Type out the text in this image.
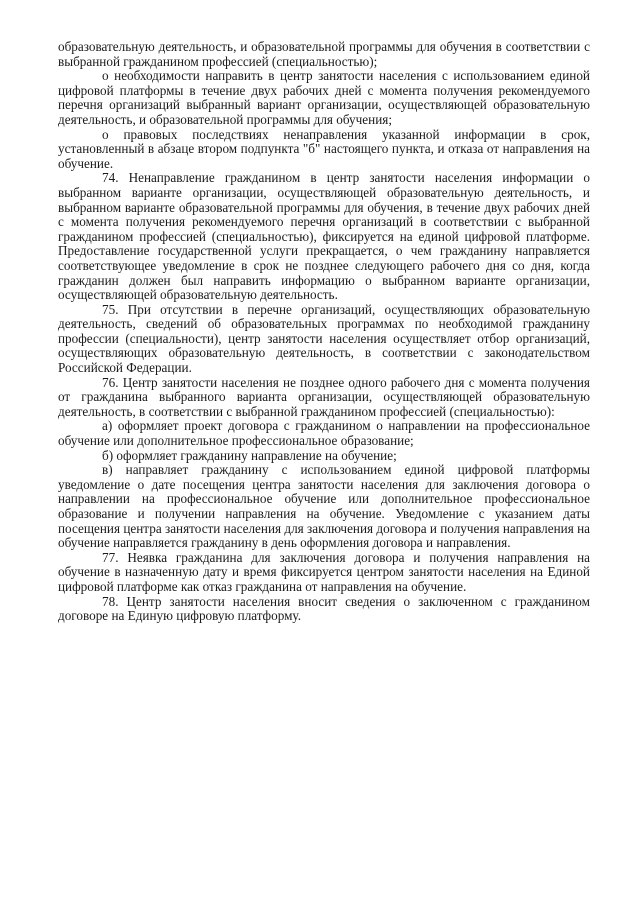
образовательную деятельность, и образовательной программы для обучения в соответствии с выбранной гражданином профессией (специальностью);

о необходимости направить в центр занятости населения с использованием единой цифровой платформы в течение двух рабочих дней с момента получения рекомендуемого перечня организаций выбранный вариант организации, осуществляющей образовательную деятельность, и образовательной программы для обучения;

о правовых последствиях ненаправления указанной информации в срок, установленный в абзаце втором подпункта "б" настоящего пункта, и отказа от направления на обучение.

74. Ненаправление гражданином в центр занятости населения информации о выбранном варианте организации, осуществляющей образовательную деятельность, и выбранном варианте образовательной программы для обучения, в течение двух рабочих дней с момента получения рекомендуемого перечня организаций в соответствии с выбранной гражданином профессией (специальностью), фиксируется на единой цифровой платформе. Предоставление государственной услуги прекращается, о чем гражданину направляется соответствующее уведомление в срок не позднее следующего рабочего дня со дня, когда гражданин должен был направить информацию о выбранном варианте организации, осуществляющей образовательную деятельность.

75. При отсутствии в перечне организаций, осуществляющих образовательную деятельность, сведений об образовательных программах по необходимой гражданину профессии (специальности), центр занятости населения осуществляет отбор организаций, осуществляющих образовательную деятельность, в соответствии с законодательством Российской Федерации.

76. Центр занятости населения не позднее одного рабочего дня с момента получения от гражданина выбранного варианта организации, осуществляющей образовательную деятельность, в соответствии с выбранной гражданином профессией (специальностью):

а) оформляет проект договора с гражданином о направлении на профессиональное обучение или дополнительное профессиональное образование;

б) оформляет гражданину направление на обучение;

в) направляет гражданину с использованием единой цифровой платформы уведомление о дате посещения центра занятости населения для заключения договора о направлении на профессиональное обучение или дополнительное профессиональное образование и получении направления на обучение. Уведомление с указанием даты посещения центра занятости населения для заключения договора и получения направления на обучение направляется гражданину в день оформления договора и направления.

77. Неявка гражданина для заключения договора и получения направления на обучение в назначенную дату и время фиксируется центром занятости населения на Единой цифровой платформе как отказ гражданина от направления на обучение.

78. Центр занятости населения вносит сведения о заключенном с гражданином договоре на Единую цифровую платформу.
